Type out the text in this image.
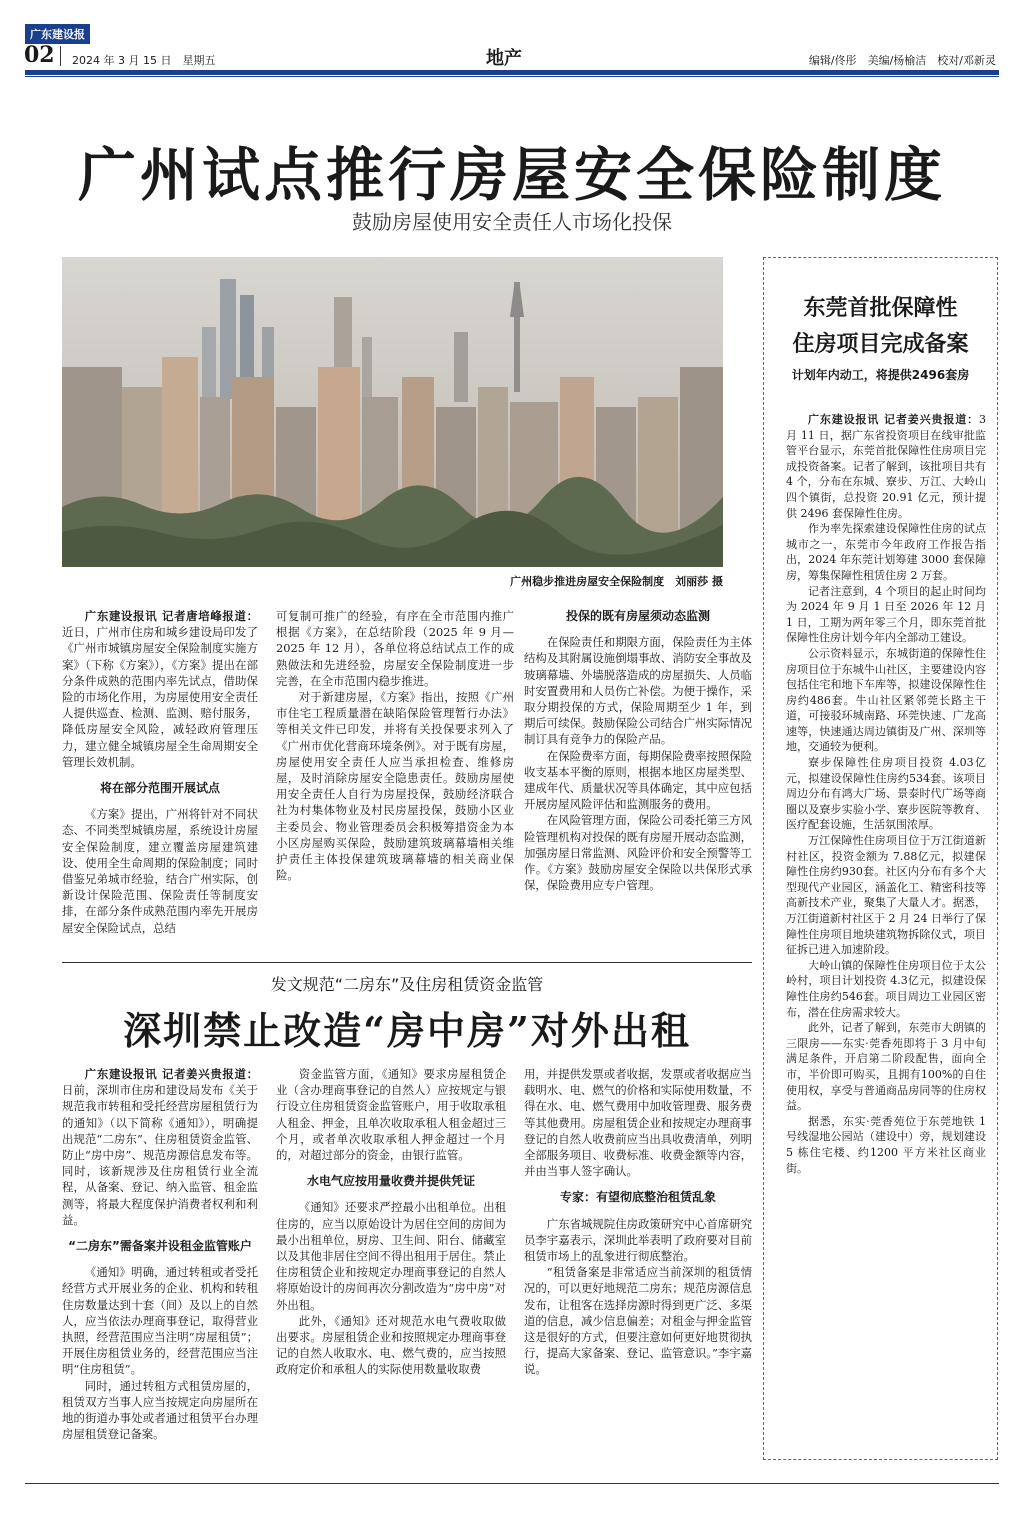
广东建设报
02 2024 年 3 月 15 日　星期五	地产	编辑/佟彤　美编/杨榆洁　校对/邓新灵
广州试点推行房屋安全保险制度
鼓励房屋使用安全责任人市场化投保
广州稳步推进房屋安全保险制度　刘丽莎 摄

广东建设报讯 记者唐培峰报道：近日，广州市住房和城乡建设局印发了《广州市城镇房屋安全保险制度实施方案》（下称《方案》），《方案》提出在部分条件成熟的范围内率先试点，借助保险的市场化作用，为房屋使用安全责任人提供巡查、检测、监测、赔付服务，降低房屋安全风险，减轻政府管理压力，建立健全城镇房屋全生命周期安全管理长效机制。

将在部分范围开展试点

《方案》提出，广州将针对不同状态、不同类型城镇房屋，系统设计房屋安全保险制度，建立覆盖房屋建筑建设、使用全生命周期的保险制度；同时借鉴兄弟城市经验，结合广州实际，创新设计保险范围、保险责任等制度安排，在部分条件成熟范围内率先开展房屋安全保险试点，总结

可复制可推广的经验，有序在全市范围内推广根据《方案》，在总结阶段（2025 年 9 月—2025 年 12 月），各单位将总结试点工作的成熟做法和先进经验，房屋安全保险制度进一步完善，在全市范围内稳步推进。

对于新建房屋，《方案》指出，按照《广州市住宅工程质量潜在缺陷保险管理暂行办法》等相关文件已印发，并将有关投保要求列入了《广州市优化营商环境条例》。对于既有房屋，房屋使用安全责任人应当承担检查、维修房屋，及时消除房屋安全隐患责任。鼓励房屋使用安全责任人自行为房屋投保，鼓励经济联合社为村集体物业及村民房屋投保，鼓励小区业主委员会、物业管理委员会积极筹措资金为本小区房屋购买保险，鼓励建筑玻璃幕墙相关维护责任主体投保建筑玻璃幕墙的相关商业保险。

投保的既有房屋须动态监测

在保险责任和期限方面，保险责任为主体结构及其附属设施倒塌事故、消防安全事故及玻璃幕墙、外墙脱落造成的房屋损失、人员临时安置费用和人员伤亡补偿。为便于操作，采取分期投保的方式，保险周期至少 1 年，到期后可续保。鼓励保险公司结合广州实际情况制订具有竞争力的保险产品。

在保险费率方面，每期保险费率按照保险收支基本平衡的原则，根据本地区房屋类型、建成年代、质量状况等具体确定，其中应包括开展房屋风险评估和监测服务的费用。

在风险管理方面，保险公司委托第三方风险管理机构对投保的既有房屋开展动态监测，加强房屋日常监测、风险评价和安全预警等工作。《方案》鼓励房屋安全保险以共保形式承保，保险费用应专户管理。

发文规范“二房东”及住房租赁资金监管
深圳禁止改造“房中房”对外出租

广东建设报讯 记者姜兴贵报道：日前，深圳市住房和建设局发布《关于规范我市转租和受托经营房屋租赁行为的通知》（以下简称《通知》），明确提出规范“二房东”、住房租赁资金监管、防止“房中房”、规范房源信息发布等。同时，该新规涉及住房租赁行业全流程，从备案、登记、纳入监管、租金监测等，将最大程度保护消费者权利和利益。

“二房东”需备案并设租金监管账户

《通知》明确，通过转租或者受托经营方式开展业务的企业、机构和转租住房数量达到十套（间）及以上的自然人，应当依法办理商事登记，取得营业执照，经营范围应当注明“房屋租赁”；开展住房租赁业务的，经营范围应当注明“住房租赁”。

同时，通过转租方式租赁房屋的，租赁双方当事人应当按规定向房屋所在地的街道办事处或者通过租赁平台办理房屋租赁登记备案。

资金监管方面，《通知》要求房屋租赁企业（含办理商事登记的自然人）应按规定与银行设立住房租赁资金监管账户，用于收取承租人租金、押金，且单次收取承租人租金超过三个月，或者单次收取承租人押金超过一个月的，对超过部分的资金，由银行监管。

水电气应按用量收费并提供凭证

《通知》还要求严控最小出租单位。出租住房的，应当以原始设计为居住空间的房间为最小出租单位，厨房、卫生间、阳台、储藏室以及其他非居住空间不得出租用于居住。禁止住房租赁企业和按规定办理商事登记的自然人将原始设计的房间再次分割改造为“房中房”对外出租。

此外，《通知》还对规范水电气费收取做出要求。房屋租赁企业和按照规定办理商事登记的自然人收取水、电、燃气费的，应当按照政府定价和承租人的实际使用数量收取费

用，并提供发票或者收据，发票或者收据应当载明水、电、燃气的价格和实际使用数量，不得在水、电、燃气费用中加收管理费、服务费等其他费用。房屋租赁企业和按规定办理商事登记的自然人收费前应当出具收费清单，列明全部服务项目、收费标准、收费金额等内容，并由当事人签字确认。

专家：有望彻底整治租赁乱象

广东省城规院住房政策研究中心首席研究员李宇嘉表示，深圳此举表明了政府要对目前租赁市场上的乱象进行彻底整治。

“租赁备案是非常适应当前深圳的租赁情况的，可以更好地规范二房东；规范房源信息发布，让租客在选择房源时得到更广泛、多渠道的信息，减少信息偏差；对租金与押金监管这是很好的方式，但要注意如何更好地贯彻执行，提高大家备案、登记、监管意识。”李宇嘉说。

东莞首批保障性
住房项目完成备案
计划年内动工，将提供2496套房

广东建设报讯 记者姜兴贵报道：3 月 11 日，据广东省投资项目在线审批监管平台显示，东莞首批保障性住房项目完成投资备案。记者了解到，该批项目共有 4 个，分布在东城、寮步、万江、大岭山四个镇街，总投资 20.91 亿元，预计提供 2496 套保障性住房。

作为率先探索建设保障性住房的试点城市之一，东莞市今年政府工作报告指出，2024 年东莞计划筹建 3000 套保障房，筹集保障性租赁住房 2 万套。

记者注意到，4 个项目的起止时间均为 2024 年 9 月 1 日至 2026 年 12 月 1 日，工期为两年零三个月，即东莞首批保障性住房计划今年内全部动工建设。

公示资料显示，东城街道的保障性住房项目位于东城牛山社区，主要建设内容包括住宅和地下车库等，拟建设保障性住房约486套。牛山社区紧邻莞长路主干道，可接驳环城南路、环莞快速、广龙高速等，快速通达周边镇街及广州、深圳等地，交通较为便利。

寮步保障性住房项目投资 4.03亿元，拟建设保障性住房约534套。该项目周边分布有鸿大广场、景泰时代广场等商圈以及寮步实验小学、寮步医院等教育、医疗配套设施，生活氛围浓厚。

万江保障性住房项目位于万江街道新村社区，投资金额为 7.88亿元，拟建保障性住房约930套。社区内分布有多个大型现代产业园区，涵盖化工、精密科技等高新技术产业，聚集了大量人才。据悉，万江街道新村社区于 2 月 24 日举行了保障性住房项目地块建筑物拆除仪式，项目征拆已进入加速阶段。

大岭山镇的保障性住房项目位于太公岭村，项目计划投资 4.3亿元，拟建设保障性住房约546套。项目周边工业园区密布，潜在住房需求较大。

此外，记者了解到，东莞市大朗镇的三限房——东实·莞香苑即将于 3 月中旬满足条件，开启第二阶段配售，面向全市，半价即可购买，且拥有100%的自住使用权，享受与普通商品房同等的住房权益。

据悉，东实·莞香苑位于东莞地铁 1 号线湿地公园站（建设中）旁，规划建设 5 栋住宅楼、约1200 平方米社区商业街。
